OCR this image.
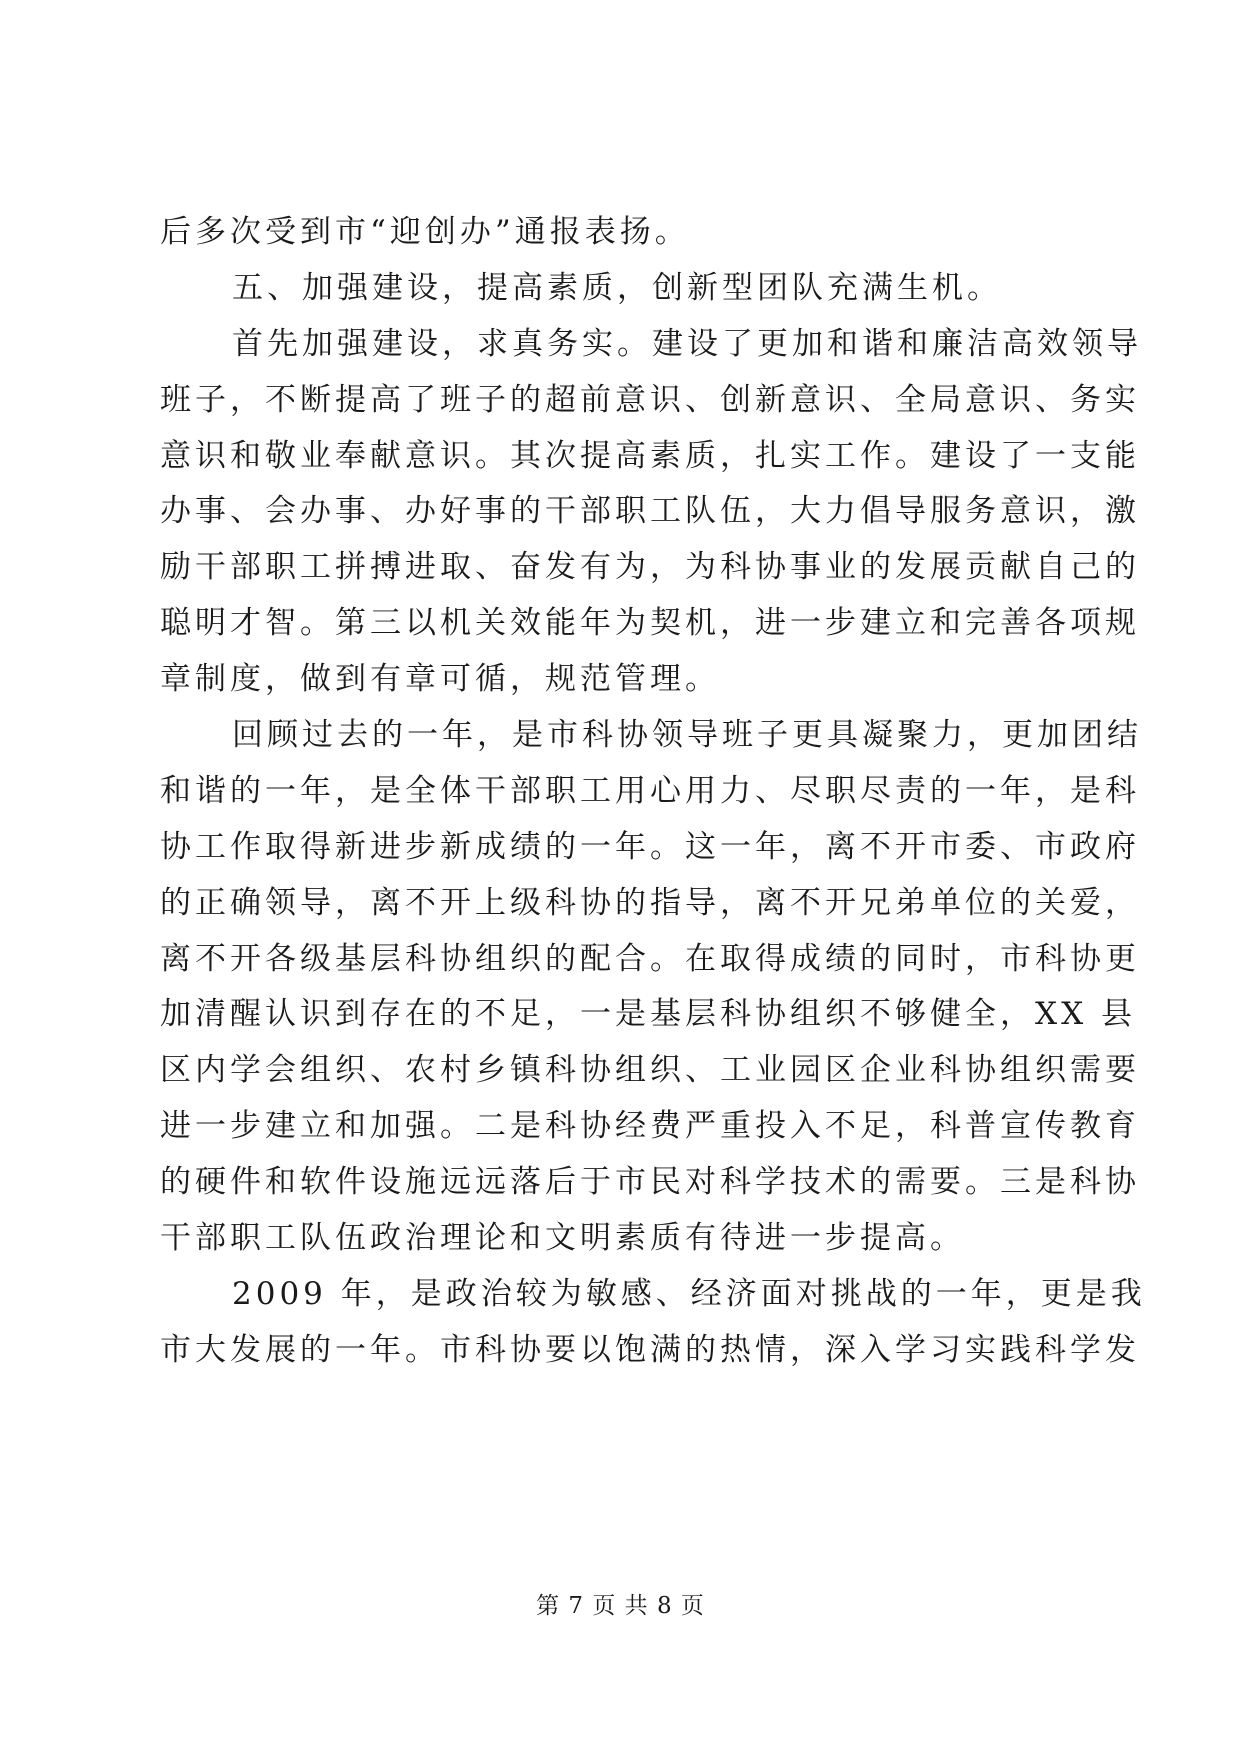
后多次受到市“迎创办”通报表扬。
五、加强建设，提高素质，创新型团队充满生机。
首先加强建设，求真务实。建设了更加和谐和廉洁高效领导
班子，不断提高了班子的超前意识、创新意识、全局意识、务实
意识和敬业奉献意识。其次提高素质，扎实工作。建设了一支能
办事、会办事、办好事的干部职工队伍，大力倡导服务意识，激
励干部职工拼搏进取、奋发有为，为科协事业的发展贡献自己的
聪明才智。第三以机关效能年为契机，进一步建立和完善各项规
章制度，做到有章可循，规范管理。
回顾过去的一年，是市科协领导班子更具凝聚力，更加团结
和谐的一年，是全体干部职工用心用力、尽职尽责的一年，是科
协工作取得新进步新成绩的一年。这一年，离不开市委、市政府
的正确领导，离不开上级科协的指导，离不开兄弟单位的关爱，
离不开各级基层科协组织的配合。在取得成绩的同时，市科协更
加清醒认识到存在的不足，一是基层科协组织不够健全，XX 县
区内学会组织、农村乡镇科协组织、工业园区企业科协组织需要
进一步建立和加强。二是科协经费严重投入不足，科普宣传教育
的硬件和软件设施远远落后于市民对科学技术的需要。三是科协
干部职工队伍政治理论和文明素质有待进一步提高。
2009 年，是政治较为敏感、经济面对挑战的一年，更是我
市大发展的一年。市科协要以饱满的热情，深入学习实践科学发
第 7 页 共 8 页
